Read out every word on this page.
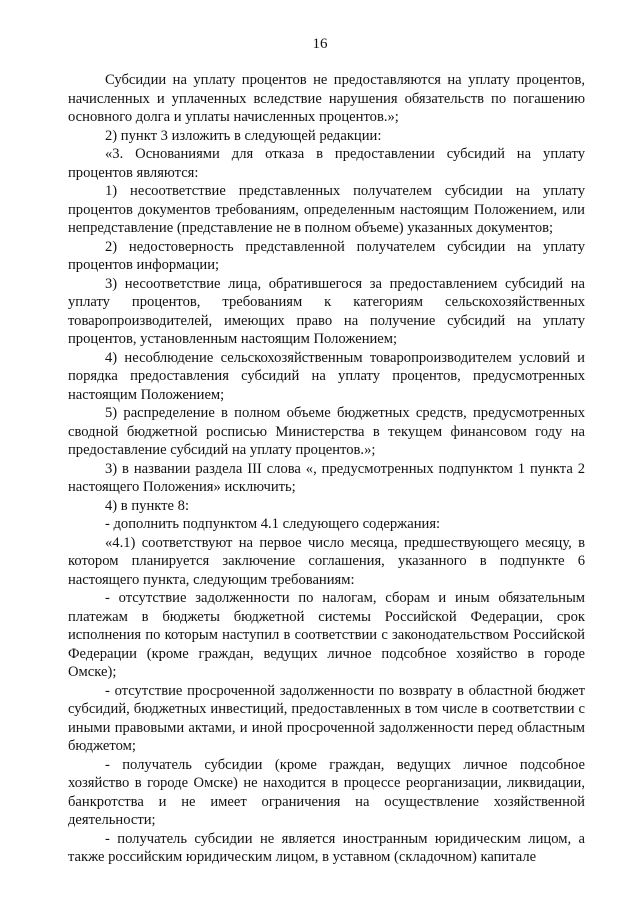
16

Субсидии на уплату процентов не предоставляются на уплату процентов, начисленных и уплаченных вследствие нарушения обязательств по погашению основного долга и уплаты начисленных процентов.»;

2) пункт 3 изложить в следующей редакции:

«3. Основаниями для отказа в предоставлении субсидий на уплату процентов являются:

1) несоответствие представленных получателем субсидии на уплату процентов документов требованиям, определенным настоящим Положением, или непредставление (представление не в полном объеме) указанных документов;

2) недостоверность представленной получателем субсидии на уплату процентов информации;

3) несоответствие лица, обратившегося за предоставлением субсидий на уплату процентов, требованиям к категориям сельскохозяйственных товаропроизводителей, имеющих право на получение субсидий на уплату процентов, установленным настоящим Положением;

4) несоблюдение сельскохозяйственным товаропроизводителем условий и порядка предоставления субсидий на уплату процентов, предусмотренных настоящим Положением;

5) распределение в полном объеме бюджетных средств, предусмотренных сводной бюджетной росписью Министерства в текущем финансовом году на предоставление субсидий на уплату процентов.»;

3) в названии раздела III слова «, предусмотренных подпунктом 1 пункта 2 настоящего Положения» исключить;

4) в пункте 8:

- дополнить подпунктом 4.1 следующего содержания:

«4.1) соответствуют на первое число месяца, предшествующего месяцу, в котором планируется заключение соглашения, указанного в подпункте 6 настоящего пункта, следующим требованиям:

- отсутствие задолженности по налогам, сборам и иным обязательным платежам в бюджеты бюджетной системы Российской Федерации, срок исполнения по которым наступил в соответствии с законодательством Российской Федерации (кроме граждан, ведущих личное подсобное хозяйство в городе Омске);

- отсутствие просроченной задолженности по возврату в областной бюджет субсидий, бюджетных инвестиций, предоставленных в том числе в соответствии с иными правовыми актами, и иной просроченной задолженности перед областным бюджетом;

- получатель субсидии (кроме граждан, ведущих личное подсобное хозяйство в городе Омске) не находится в процессе реорганизации, ликвидации, банкротства и не имеет ограничения на осуществление хозяйственной деятельности;

- получатель субсидии не является иностранным юридическим лицом, а также российским юридическим лицом, в уставном (складочном) капитале
